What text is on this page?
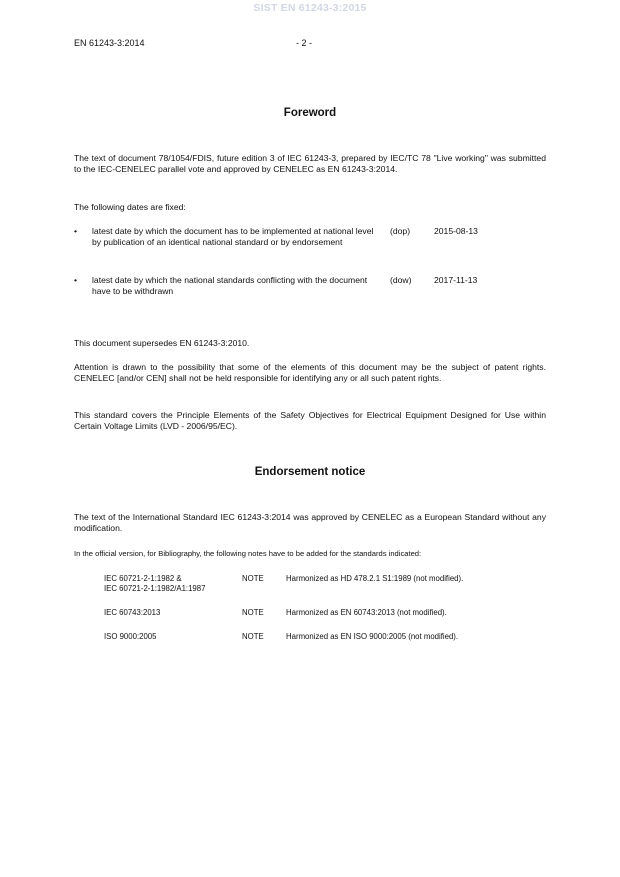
SIST EN 61243-3:2015
EN 61243-3:2014	- 2 -
Foreword
The text of document 78/1054/FDIS, future edition 3 of IEC 61243-3, prepared by IEC/TC 78 "Live working" was submitted to the IEC-CENELEC parallel vote and approved by CENELEC as EN 61243-3:2014.
The following dates are fixed:
• latest date by which the document has to be implemented at national level by publication of an identical national standard or by endorsement
(dop)	2015-08-13
• latest date by which the national standards conflicting with the document have to be withdrawn
(dow)	2017-11-13
This document supersedes EN 61243-3:2010.
Attention is drawn to the possibility that some of the elements of this document may be the subject of patent rights. CENELEC [and/or CEN] shall not be held responsible for identifying any or all such patent rights.
This standard covers the Principle Elements of the Safety Objectives for Electrical Equipment Designed for Use within Certain Voltage Limits (LVD - 2006/95/EC).
Endorsement notice
The text of the International Standard IEC 61243-3:2014 was approved by CENELEC as a European Standard without any modification.
In the official version, for Bibliography, the following notes have to be added for the standards indicated:
IEC 60721-2-1:1982 &
IEC 60721-2-1:1982/A1:1987
NOTE	Harmonized as HD 478.2.1 S1:1989 (not modified).
IEC 60743:2013	NOTE	Harmonized as EN 60743:2013 (not modified).
ISO 9000:2005	NOTE	Harmonized as EN ISO 9000:2005 (not modified).
